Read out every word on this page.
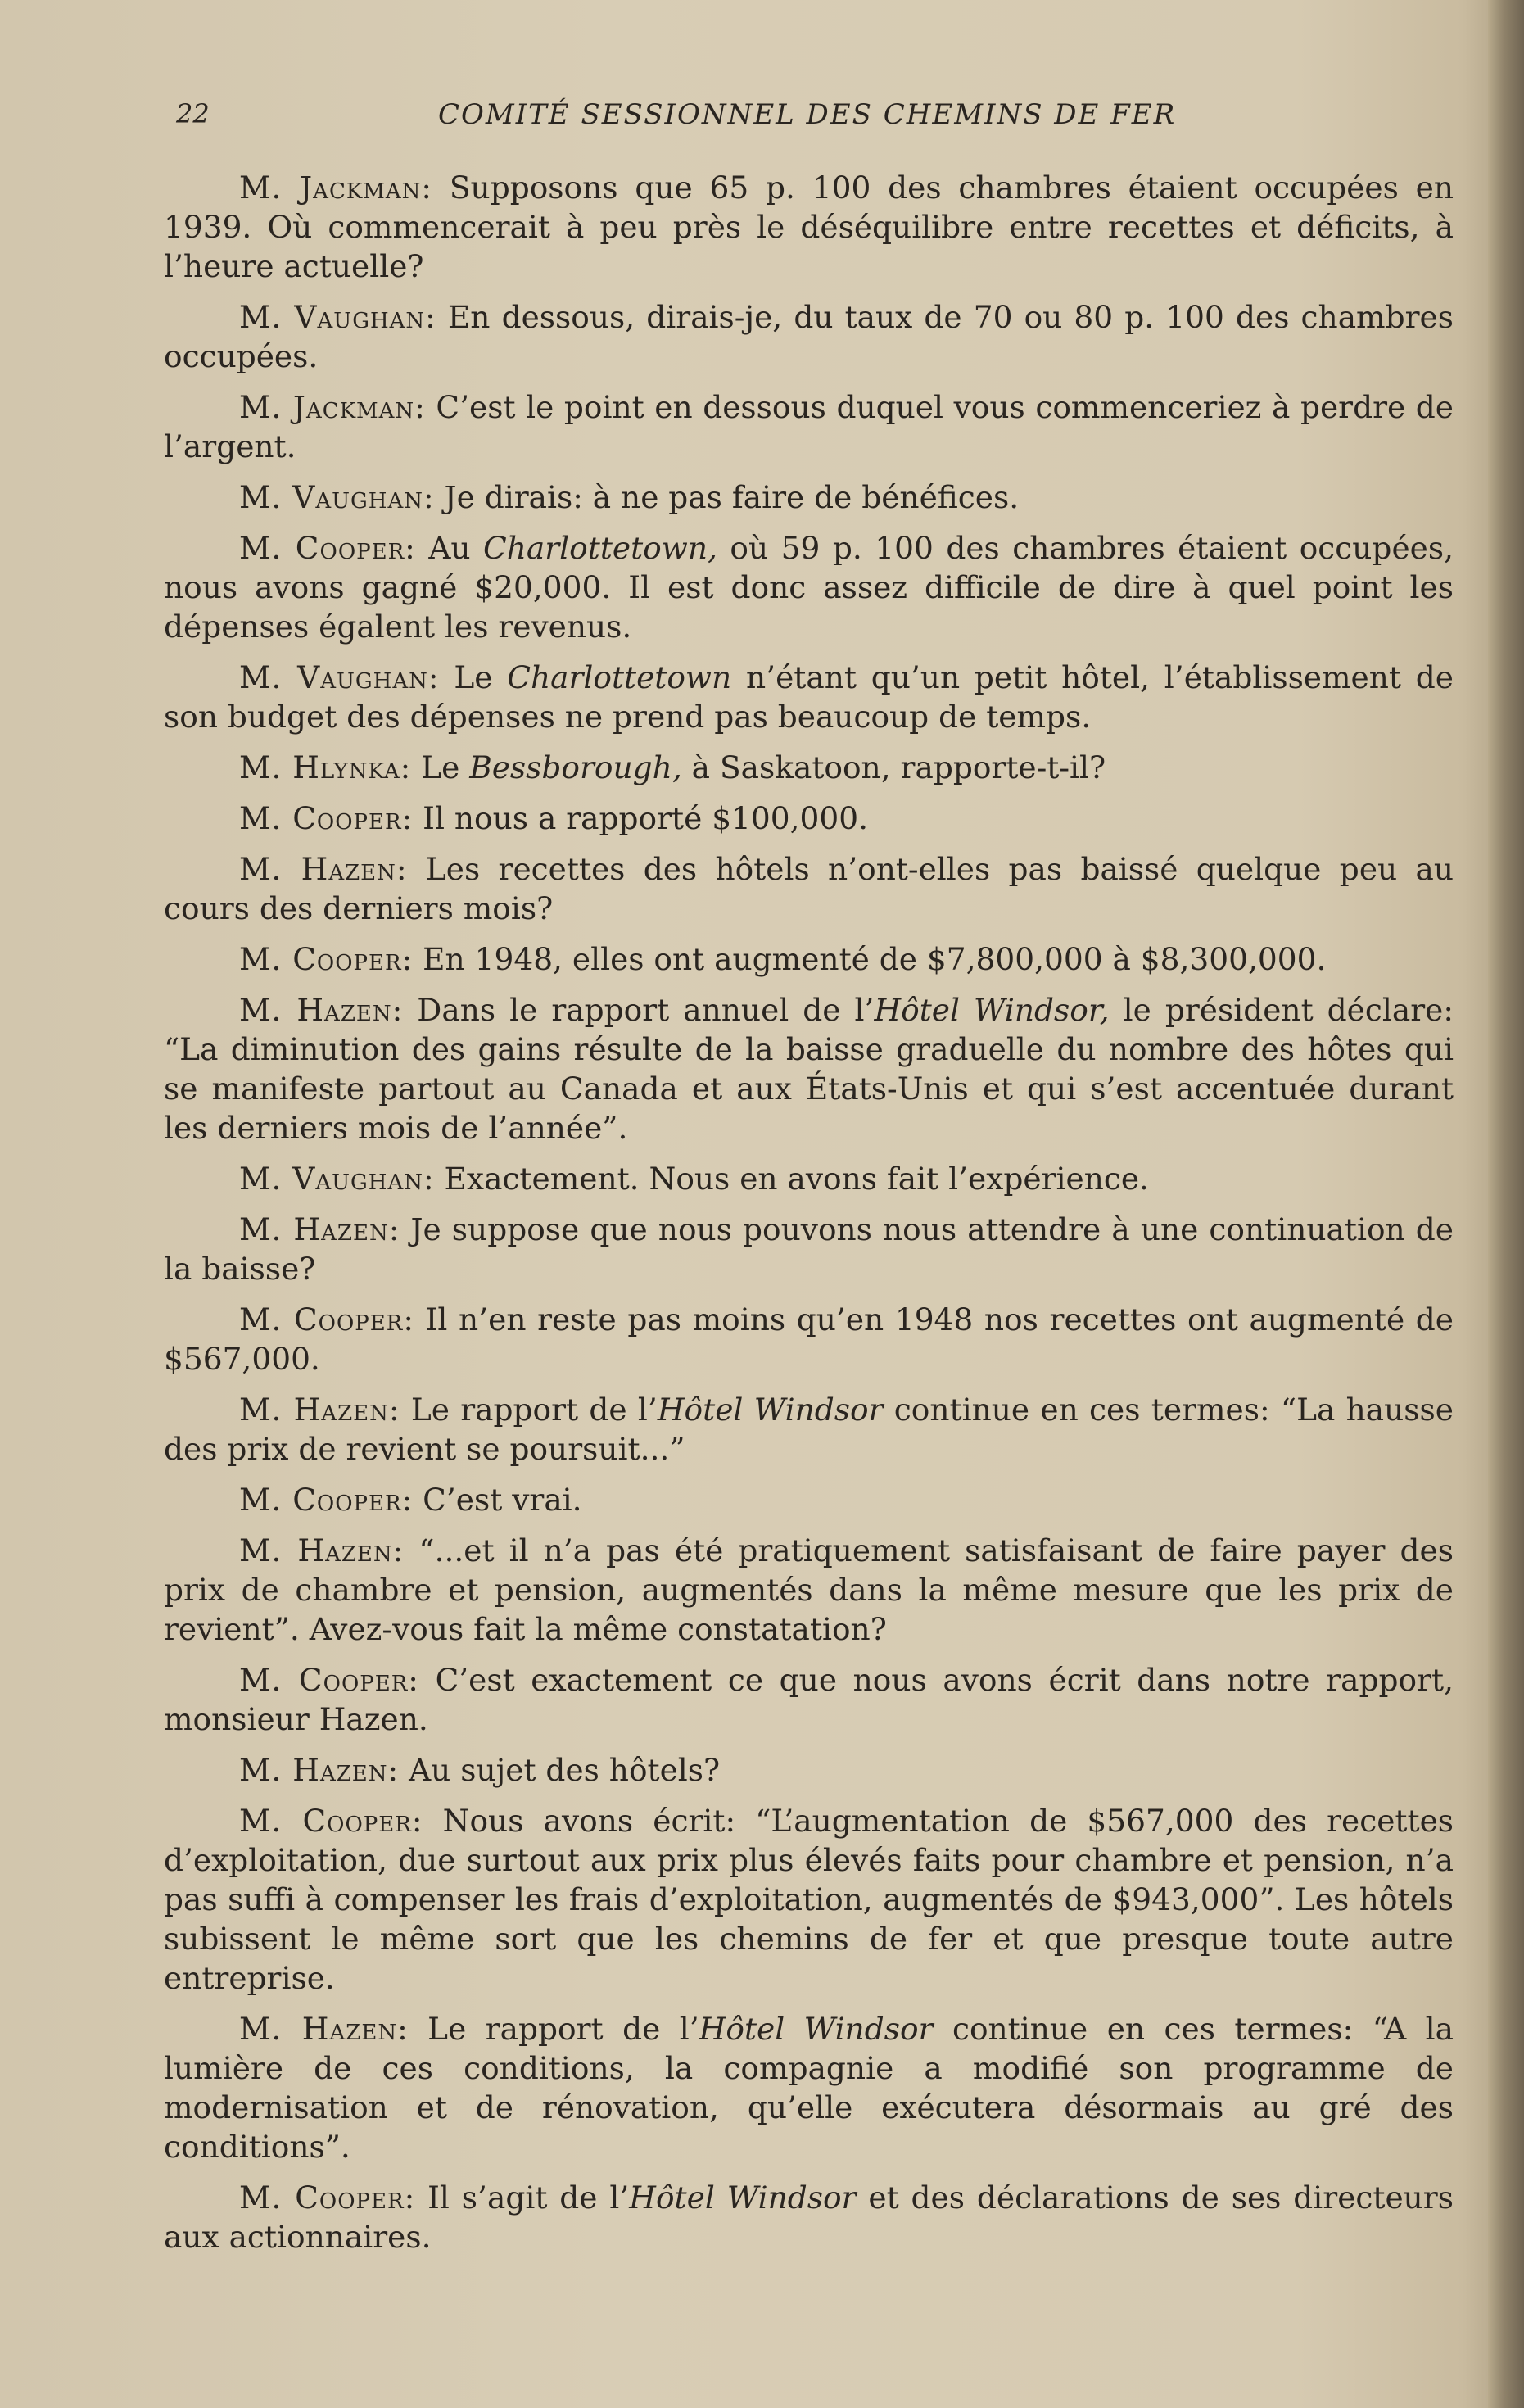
22	COMITÉ SESSIONNEL DES CHEMINS DE FER

M. Jackman: Supposons que 65 p. 100 des chambres étaient occupées en 1939. Où commencerait à peu près le déséquilibre entre recettes et déficits, à l’heure actuelle?

M. Vaughan: En dessous, dirais-je, du taux de 70 ou 80 p. 100 des chambres occupées.

M. Jackman: C’est le point en dessous duquel vous commenceriez à perdre de l’argent.

M. Vaughan: Je dirais: à ne pas faire de bénéfices.

M. Cooper: Au Charlottetown, où 59 p. 100 des chambres étaient occupées, nous avons gagné $20,000. Il est donc assez difficile de dire à quel point les dépenses égalent les revenus.

M. Vaughan: Le Charlottetown n’étant qu’un petit hôtel, l’établissement de son budget des dépenses ne prend pas beaucoup de temps.

M. Hlynka: Le Bessborough, à Saskatoon, rapporte-t-il?

M. Cooper: Il nous a rapporté $100,000.

M. Hazen: Les recettes des hôtels n’ont-elles pas baissé quelque peu au cours des derniers mois?

M. Cooper: En 1948, elles ont augmenté de $7,800,000 à $8,300,000.

M. Hazen: Dans le rapport annuel de l’Hôtel Windsor, le président déclare: “La diminution des gains résulte de la baisse graduelle du nombre des hôtes qui se manifeste partout au Canada et aux États-Unis et qui s’est accentuée durant les derniers mois de l’année”.

M. Vaughan: Exactement. Nous en avons fait l’expérience.

M. Hazen: Je suppose que nous pouvons nous attendre à une continuation de la baisse?

M. Cooper: Il n’en reste pas moins qu’en 1948 nos recettes ont augmenté de $567,000.

M. Hazen: Le rapport de l’Hôtel Windsor continue en ces termes: “La hausse des prix de revient se poursuit...”

M. Cooper: C’est vrai.

M. Hazen: “...et il n’a pas été pratiquement satisfaisant de faire payer des prix de chambre et pension, augmentés dans la même mesure que les prix de revient”. Avez-vous fait la même constatation?

M. Cooper: C’est exactement ce que nous avons écrit dans notre rapport, monsieur Hazen.

M. Hazen: Au sujet des hôtels?

M. Cooper: Nous avons écrit: “L’augmentation de $567,000 des recettes d’exploitation, due surtout aux prix plus élevés faits pour chambre et pension, n’a pas suffi à compenser les frais d’exploitation, augmentés de $943,000”. Les hôtels subissent le même sort que les chemins de fer et que presque toute autre entreprise.

M. Hazen: Le rapport de l’Hôtel Windsor continue en ces termes: “A la lumière de ces conditions, la compagnie a modifié son programme de modernisation et de rénovation, qu’elle exécutera désormais au gré des conditions”.

M. Cooper: Il s’agit de l’Hôtel Windsor et des déclarations de ses directeurs aux actionnaires.
